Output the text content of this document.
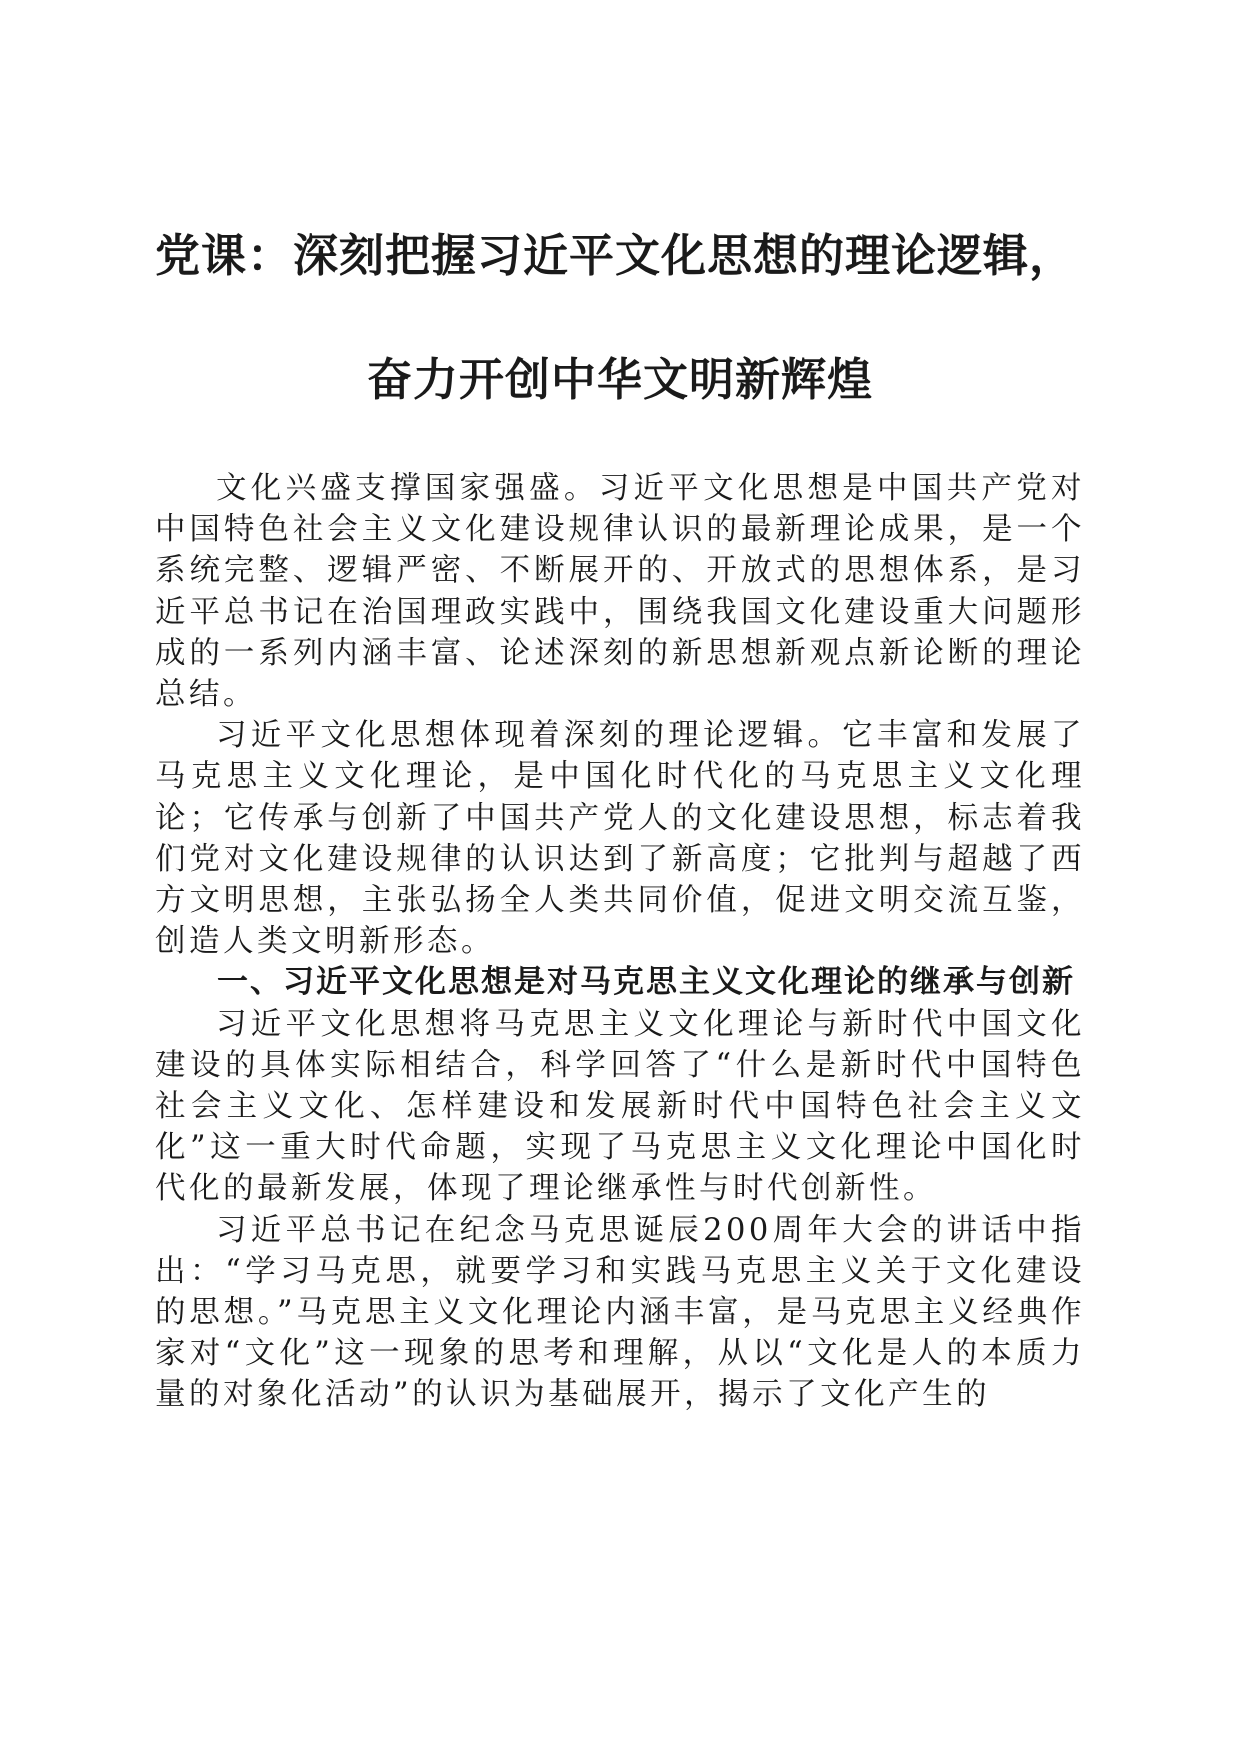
党课：深刻把握习近平文化思想的理论逻辑，
奋力开创中华文明新辉煌

文化兴盛支撑国家强盛。习近平文化思想是中国共产党对中国特色社会主义文化建设规律认识的最新理论成果，是一个系统完整、逻辑严密、不断展开的、开放式的思想体系，是习近平总书记在治国理政实践中，围绕我国文化建设重大问题形成的一系列内涵丰富、论述深刻的新思想新观点新论断的理论总结。

习近平文化思想体现着深刻的理论逻辑。它丰富和发展了马克思主义文化理论，是中国化时代化的马克思主义文化理论；它传承与创新了中国共产党人的文化建设思想，标志着我们党对文化建设规律的认识达到了新高度；它批判与超越了西方文明思想，主张弘扬全人类共同价值，促进文明交流互鉴，创造人类文明新形态。

一、习近平文化思想是对马克思主义文化理论的继承与创新

习近平文化思想将马克思主义文化理论与新时代中国文化建设的具体实际相结合，科学回答了“什么是新时代中国特色社会主义文化、怎样建设和发展新时代中国特色社会主义文化”这一重大时代命题，实现了马克思主义文化理论中国化时代化的最新发展，体现了理论继承性与时代创新性。

习近平总书记在纪念马克思诞辰200周年大会的讲话中指出：“学习马克思，就要学习和实践马克思主义关于文化建设的思想。”马克思主义文化理论内涵丰富，是马克思主义经典作家对“文化”这一现象的思考和理解，从以“文化是人的本质力量的对象化活动”的认识为基础展开，揭示了文化产生的
